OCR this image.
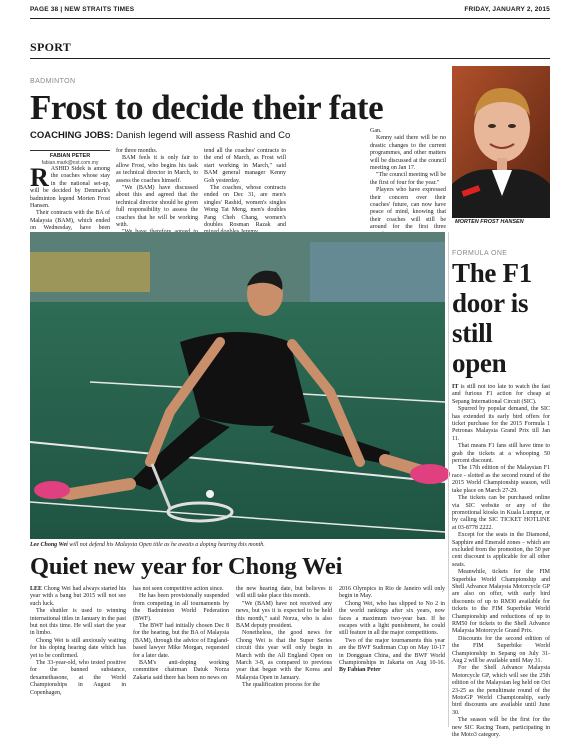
PAGE 38 | NEW STRAITS TIMES	FRIDAY, JANUARY 2, 2015
SPORT
BADMINTON
Frost to decide their fate
COACHING JOBS: Danish legend will assess Rashid and Co
FABIAN PETER
fabian.mark@nst.com.my

RASHID Sidek is among the coaches whose stay in the national set-up, will be decided by Denmark's badminton legend Morten Frost Hansen.

Their contracts with the BA of Malaysia (BAM), which ended on Wednesday, have been

for three months.

BAM feels it is only fair to allow Frost, who begins his task as technical director in March, to assess the coaches himself.

"We (BAM) have discussed about this and agreed that the technical director should be given full responsibility to assess the coaches that he will be working with.

tend all the coaches' contracts to the end of March, as Frost will start working in March," said BAM general manager Kenny Goh yesterday.

The coaches, whose contracts ended on Dec 31, are men's singles' Rashid, women's singles Wong Tat Meng, men's doubles Pang Cheh Chang, women's doubles Rosman Razak and

Gan.

Kenny said there will be no drastic changes to the current programmes, and other matters will be discussed at the council meeting on Jan 17.

"The council meeting will be the first of four for the year."

Players who have expressed their concern over their coaches' future, can now have peace of mind, knowing that their coaches will still be around for the first three

MORTEN FROST HANSEN
Lee Chong Wei will not defend his Malaysia Open title as he awaits a doping hearing this month.
Quiet new year for Chong Wei

LEE Chong Wei had always started his year with a bang but 2015 will not see such luck.

The shuttler is used to winning international titles in January in the past but not this time. He will start the year in limbo.

Chong Wei is still anxiously waiting for his doping hearing date which has yet to be confirmed.

The 33-year-old, who tested positive for the banned substance, dexamethasone, at the World Championships in August in Copenhagen,

has not seen competitive action since.

He has been provisionally suspended from competing in all tournaments by the Badminton World Federation (BWF).

The BWF had initially chosen Dec 8 for the hearing, but the BA of Malaysia (BAM), through the advice of England-based lawyer Mike Morgan, requested for a later date.

BAM's anti-doping working committee chairman Datuk Norza Zakaria said there has been no news on

the new hearing date, but believes it will still take place this month.

"We (BAM) have not received any news, but yes it is expected to be held this month," said Norza, who is also BAM deputy president.

Nonetheless, the good news for Chong Wei is that the Super Series circuit this year will only begin in March with the All England Open on March 3-8, as compared to previous year that began with the Korea and Malaysia Open in January.

The qualification process for the

2016 Olympics in Rio de Janeiro will only begin in May.

Chong Wei, who has slipped to No 2 in the world rankings after six years, now faces a maximum two-year ban. If he escapes with a light punishment, he could still feature in all the major competitions.

Two of the major tournaments this year are the BWF Sudirman Cup on May 10-17 in Dongguan China, and the BWF World Championships in Jakarta on Aug 10-16. By Fabian Peter

FORMULA ONE
The F1 door is still open

IT is still not too late to watch the fast and furious F1 action for cheap at Sepang International Circuit (SIC).

Spurred by popular demand, the SIC has extended its early bird offers for ticket purchase for the 2015 Formula 1 Petronas Malaysia Grand Prix till Jan 11.

That means F1 fans still have time to grab the tickets at a whooping 50 percent discount.

The 17th edition of the Malaysian F1 race - slotted as the second round of the 2015 World Championship season, will take place on March 27-29.

The tickets can be purchased online via SIC website or any of the promotional kiosks in Kuala Lumpur, or by calling the SIC TICKET HOTLINE at 03-8778 2222.

Except for the seats in the Diamond, Sapphire and Emerald zones – which are excluded from the promotion, the 50 per cent discount is applicable for all other seats.

Meanwhile, tickets for the FIM Superbike World Championship and Shell Advance Malaysia Motorcycle GP are also on offer, with early bird discounts of up to RM30 available for tickets to the FIM Superbike World Championship and reductions of up to RM50 for tickets to the Shell Advance Malaysia Motorcycle Grand Prix.

Discounts for the second edition of the FIM Superbike World Championship in Sepang on July 31-Aug 2 will be available until May 31.

For the Shell Advance Malaysia Motorcycle GP, which will see the 25th edition of the Malaysian leg held on Oct 23-25 as the penultimate round of the MotoGP World Championship, early bird discounts are available until June 30.

The season will be the first for the new SIC Racing Team, participating in the Moto3 category.
